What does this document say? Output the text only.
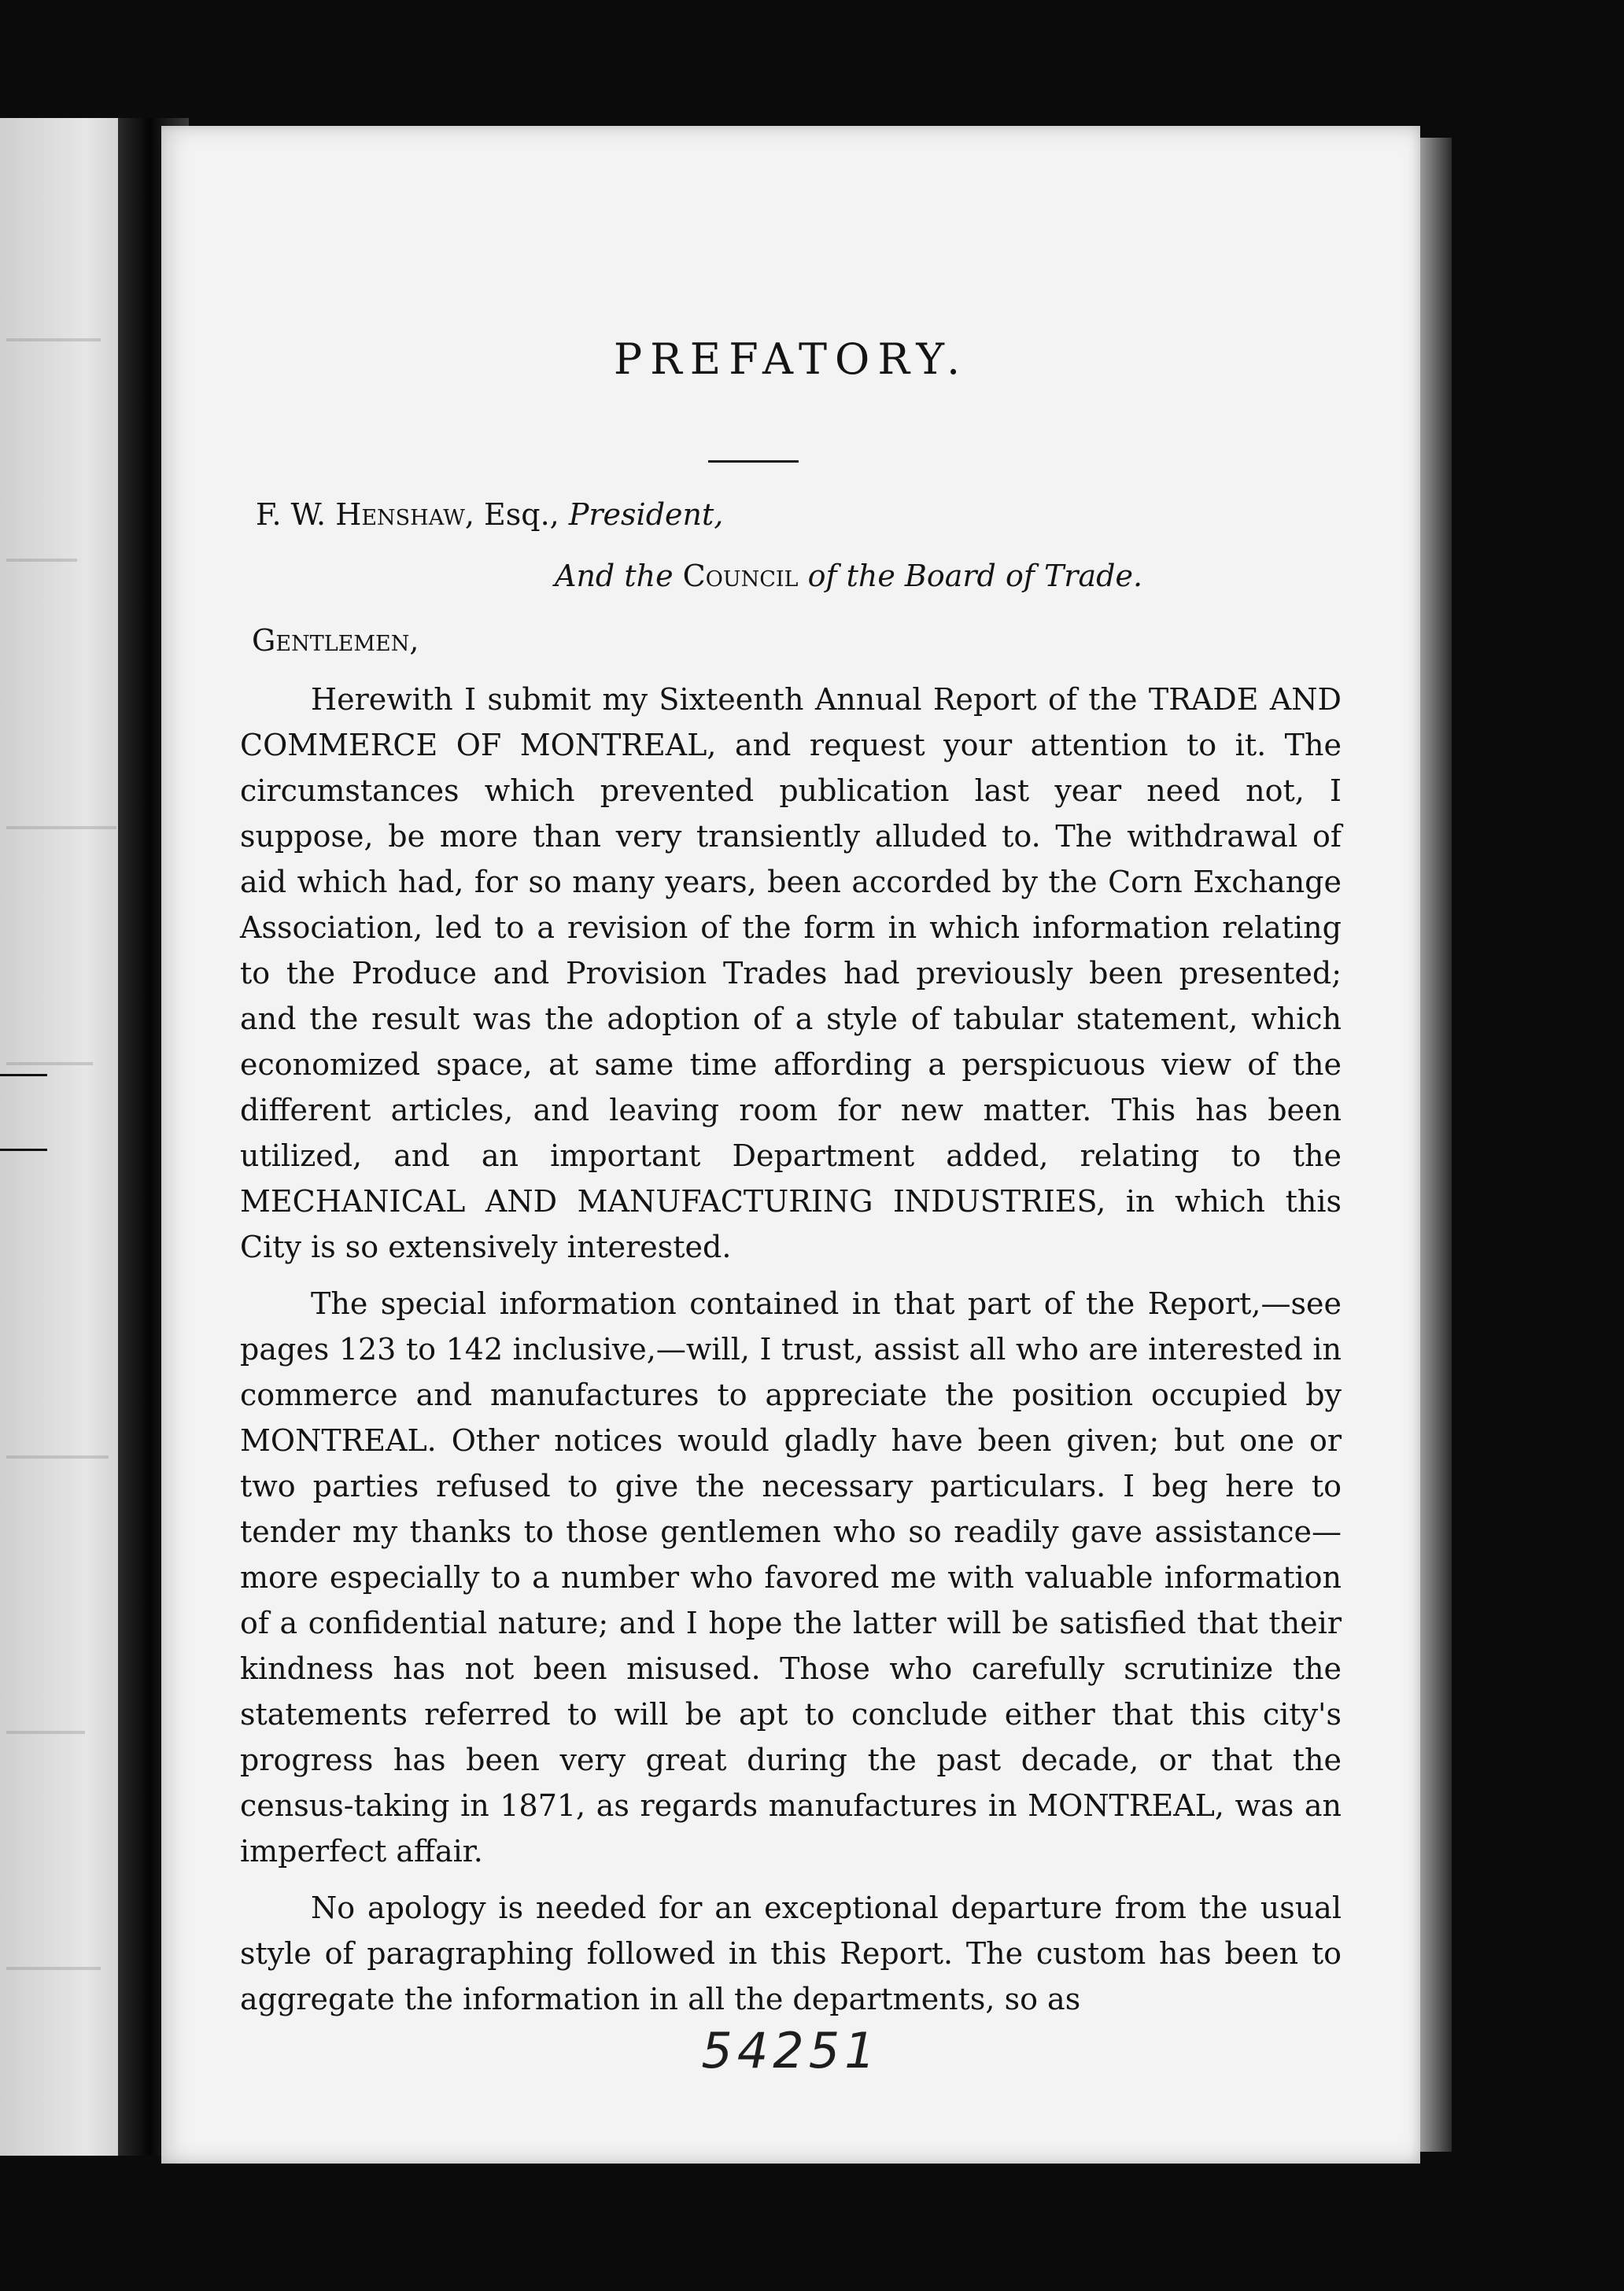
PREFATORY.
F. W. Henshaw, Esq., President,
And the Council of the Board of Trade.
Gentlemen,

Herewith I submit my Sixteenth Annual Report of the TRADE AND COMMERCE OF MONTREAL, and request your attention to it. The circumstances which prevented publication last year need not, I suppose, be more than very transiently alluded to. The withdrawal of aid which had, for so many years, been accorded by the Corn Exchange Association, led to a revision of the form in which information relating to the Produce and Provision Trades had previously been presented; and the result was the adoption of a style of tabular statement, which economized space, at same time affording a perspicuous view of the different articles, and leaving room for new matter. This has been utilized, and an important Department added, relating to the MECHANICAL AND MANUFACTURING INDUSTRIES, in which this City is so extensively interested.

The special information contained in that part of the Report,—see pages 123 to 142 inclusive,—will, I trust, assist all who are interested in commerce and manufactures to appreciate the position occupied by MONTREAL. Other notices would gladly have been given; but one or two parties refused to give the necessary particulars. I beg here to tender my thanks to those gentlemen who so readily gave assistance—more especially to a number who favored me with valuable information of a confidential nature; and I hope the latter will be satisfied that their kindness has not been misused. Those who carefully scrutinize the statements referred to will be apt to conclude either that this city's progress has been very great during the past decade, or that the census-taking in 1871, as regards manufactures in MONTREAL, was an imperfect affair.

No apology is needed for an exceptional departure from the usual style of paragraphing followed in this Report. The custom has been to aggregate the information in all the departments, so as

54251
